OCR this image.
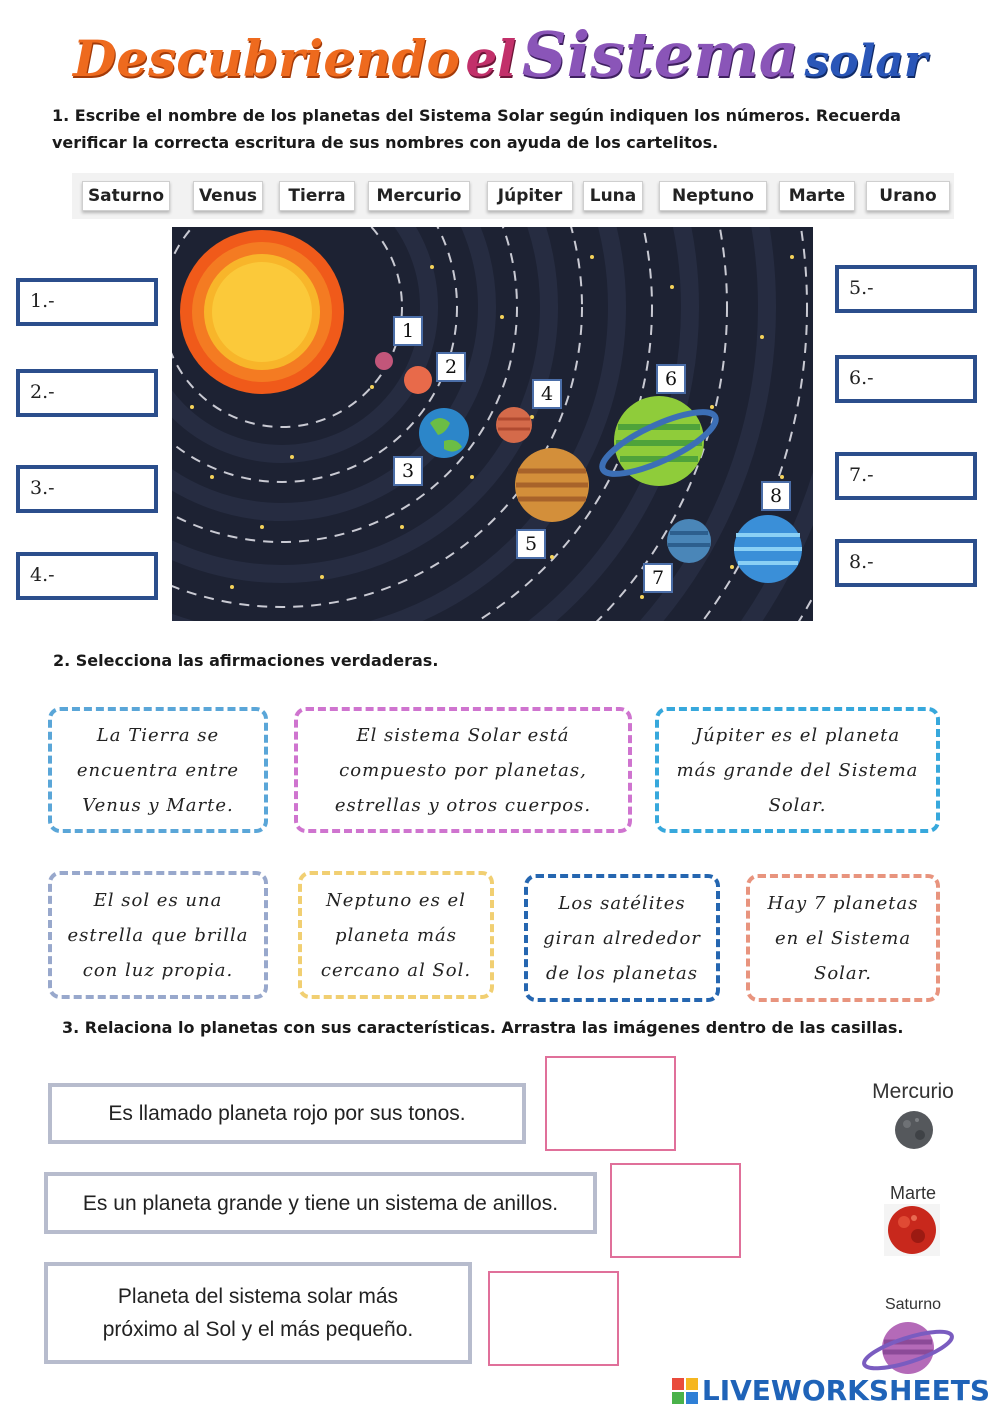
Descubriendo el Sistema solar
1. Escribe el nombre de los planetas del Sistema Solar según indiquen los números. Recuerda verificar la correcta escritura de sus nombres con ayuda de los cartelitos.
Saturno	Venus	Tierra	Mercurio	Júpiter	Luna	Neptuno	Marte	Urano
1.-
2.-
3.-
4.-
5.-
6.-
7.-
8.-
1
2
3
4
5
6
7
8
2. Selecciona las afirmaciones verdaderas.
La Tierra se
encuentra entre
Venus y Marte.
El sistema Solar está
compuesto por planetas,
estrellas y otros cuerpos.
Júpiter es el planeta
más grande del Sistema
Solar.
El sol es una
estrella que brilla
con luz propia.
Neptuno es el
planeta más
cercano al Sol.
Los satélites
giran alrededor
de los planetas
Hay 7 planetas
en el Sistema
Solar.
3. Relaciona lo planetas con sus características. Arrastra las imágenes dentro de las casillas.
Es llamado planeta rojo por sus tonos.
Es un planeta grande y tiene un sistema de anillos.
Planeta del sistema solar más
próximo al Sol y el más pequeño.
Mercurio
Marte
Saturno
LIVEWORKSHEETS
